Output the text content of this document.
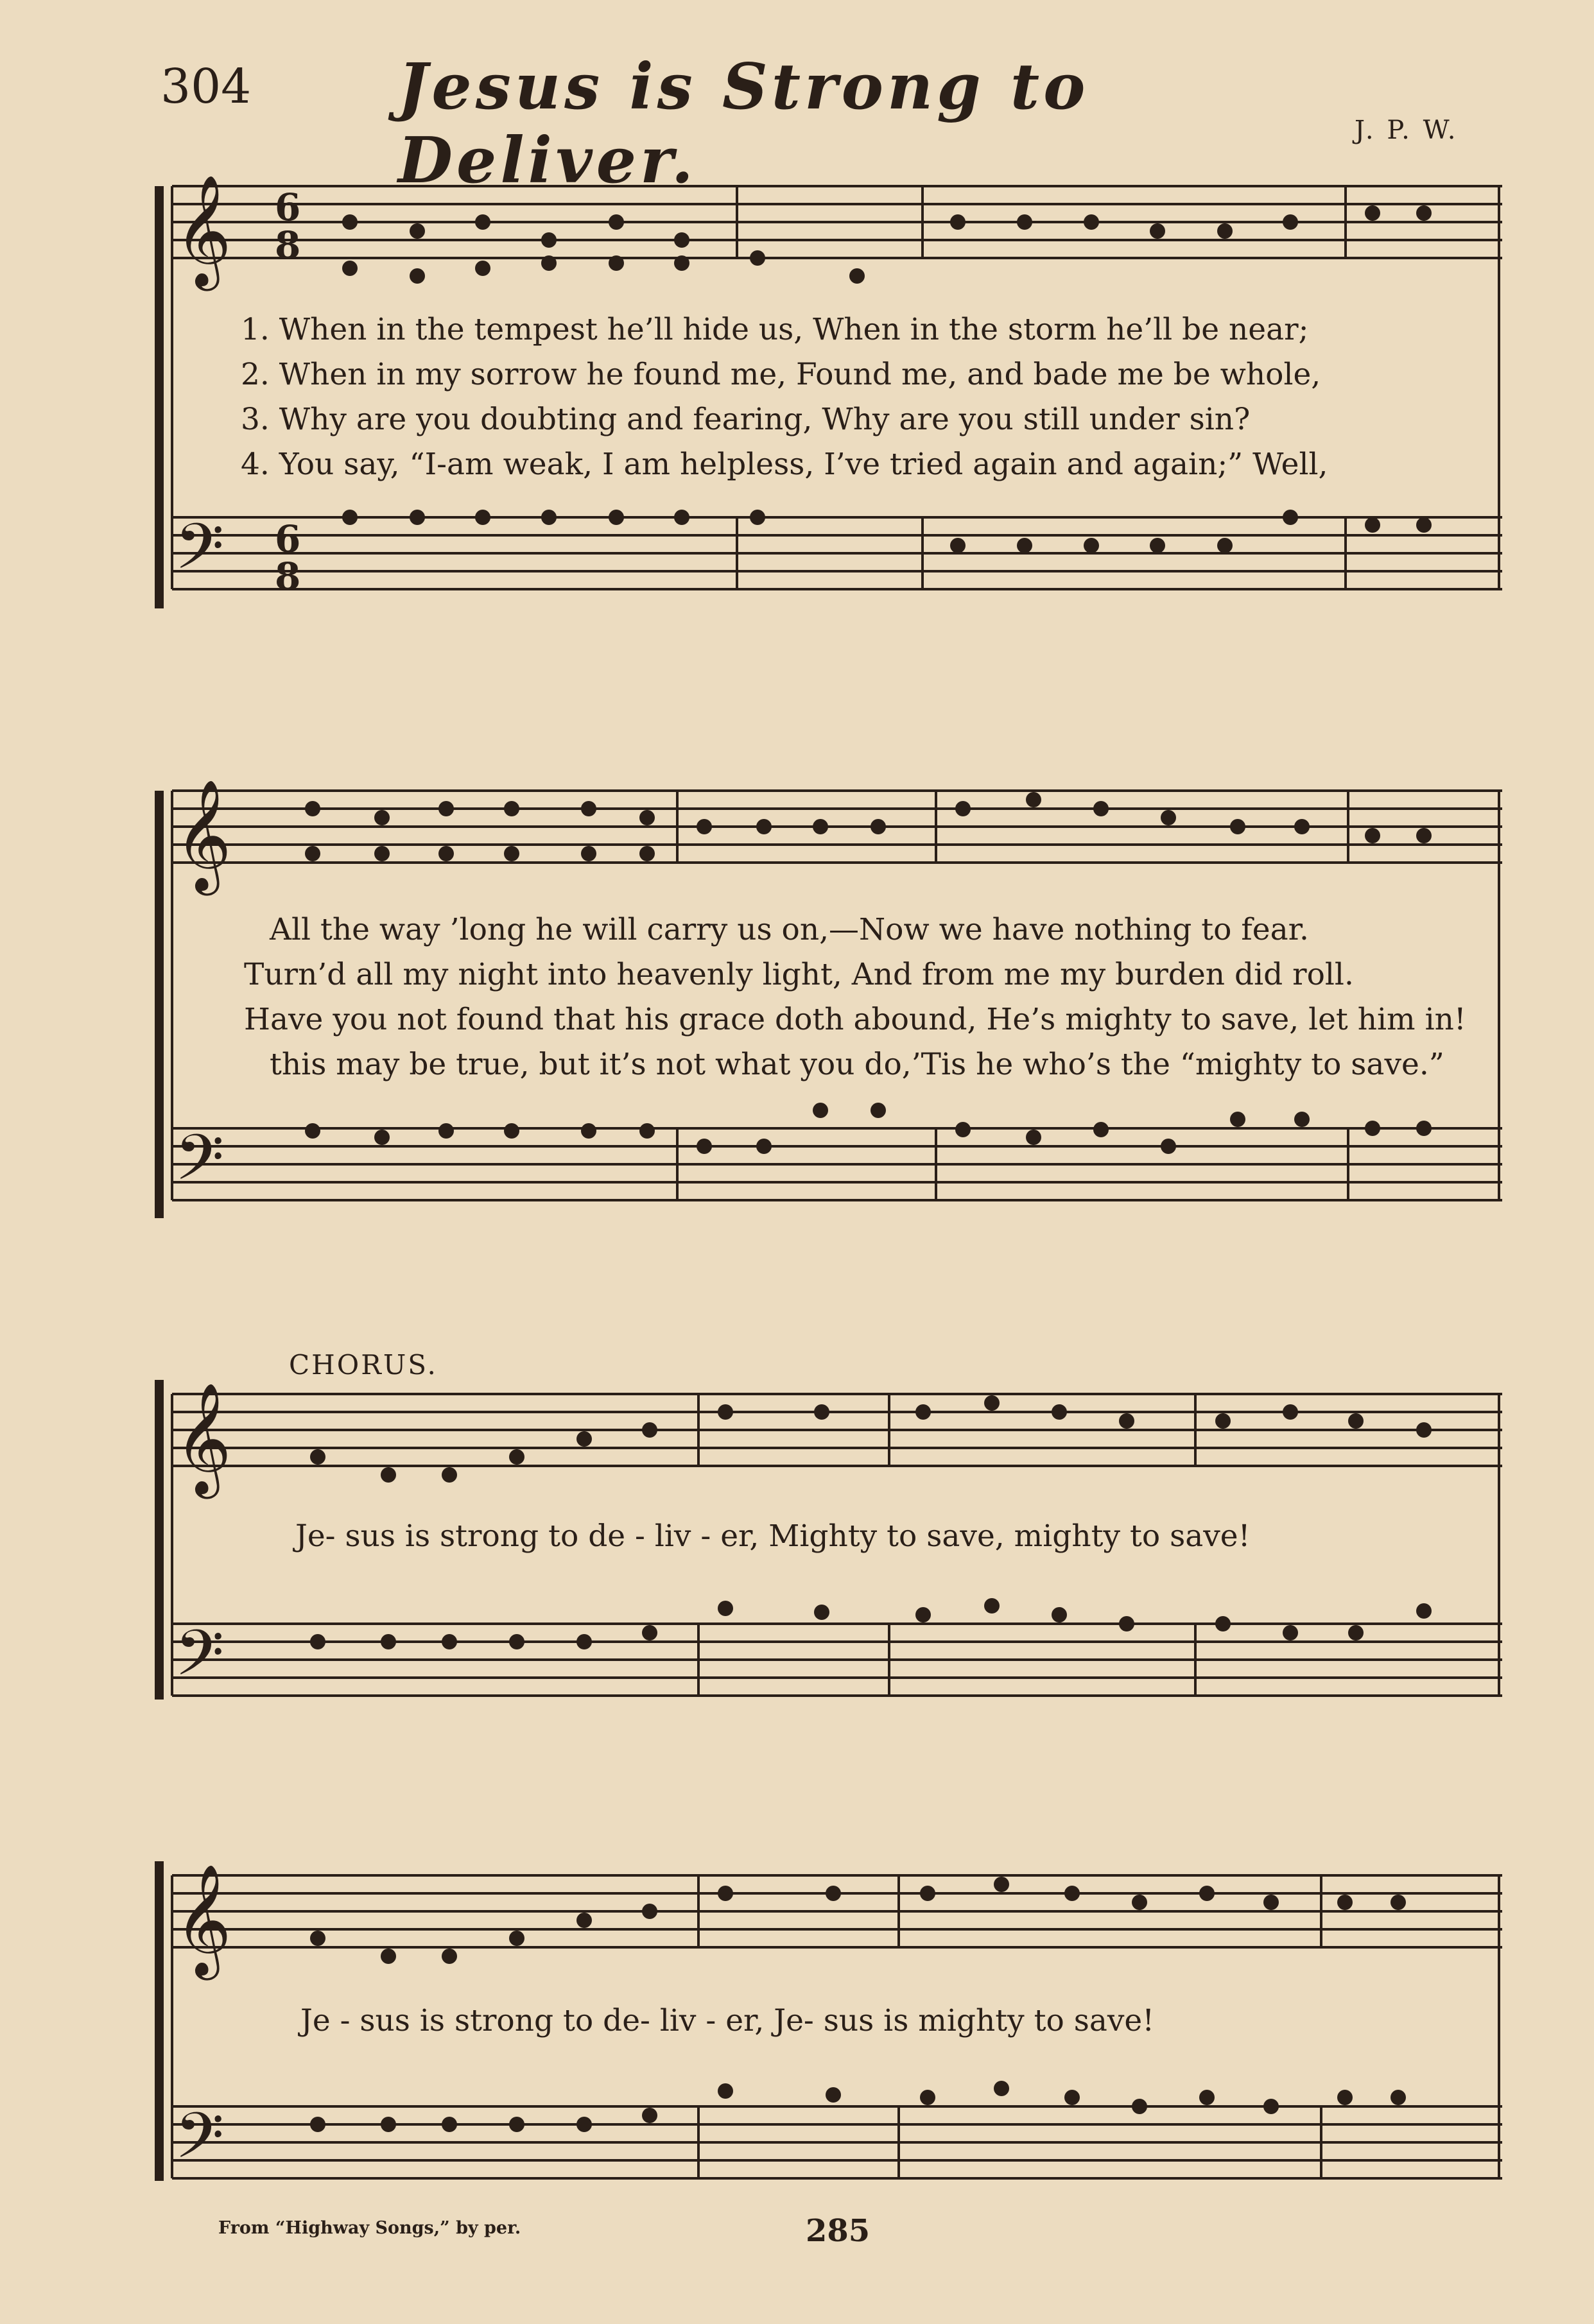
304 Jesus is Strong to Deliver.	J. P. W.
𝄞 6
8
𝄢 6
8
𝄞
𝄢
𝄞
𝄢
𝄞
𝄢
1. When in the tempest he’ll hide us, When in the storm he’ll be near;
2. When in my sorrow he found me, Found me, and bade me be whole,
3. Why are you doubting and fearing, Why are you still under sin?
4. You say, “I-am weak, I am helpless, I’ve tried again and again;” Well,
All the way ’long he will carry us on,—Now we have nothing to fear.
Turn’d all my night into heavenly light, And from me my burden did roll.
Have you not found that his grace doth abound, He’s mighty to save, let him in!
this may be true, but it’s not what you do,’Tis he who’s the “mighty to save.”
CHORUS.
Je- sus is strong to de - liv - er, Mighty to save, mighty to save!
Je - sus is strong to de- liv - er, Je- sus is mighty to save!
From “Highway Songs,” by per.	285
